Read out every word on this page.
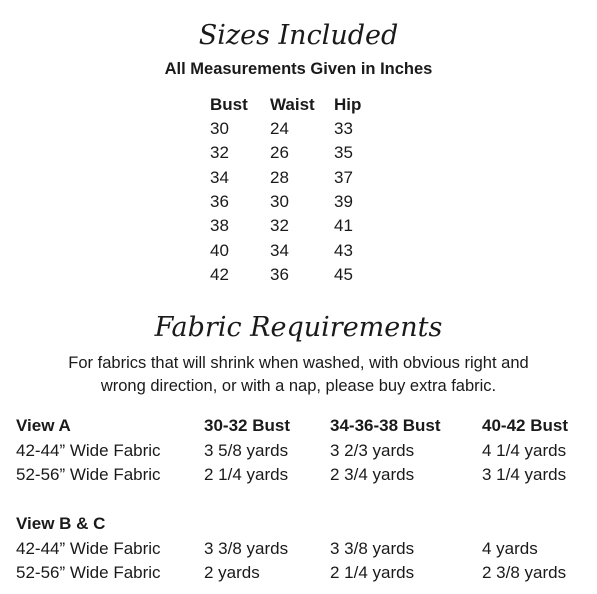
Sizes Included
All Measurements Given in Inches
Bust	Waist	Hip
30	24	33
32	26	35
34	28	37
36	30	39
38	32	41
40	34	43
42	36	45
Fabric Requirements
For fabrics that will shrink when washed, with obvious right and
wrong direction, or with a nap, please buy extra fabric.
View A	30-32 Bust	34-36-38 Bust	40-42 Bust
42-44” Wide Fabric	3 5/8 yards	3 2/3 yards	4 1/4 yards
52-56” Wide Fabric	2 1/4 yards	2 3/4 yards	3 1/4 yards
View B & C			
42-44” Wide Fabric	3 3/8 yards	3 3/8 yards	4 yards
52-56” Wide Fabric	2 yards	2 1/4 yards	2 3/8 yards
